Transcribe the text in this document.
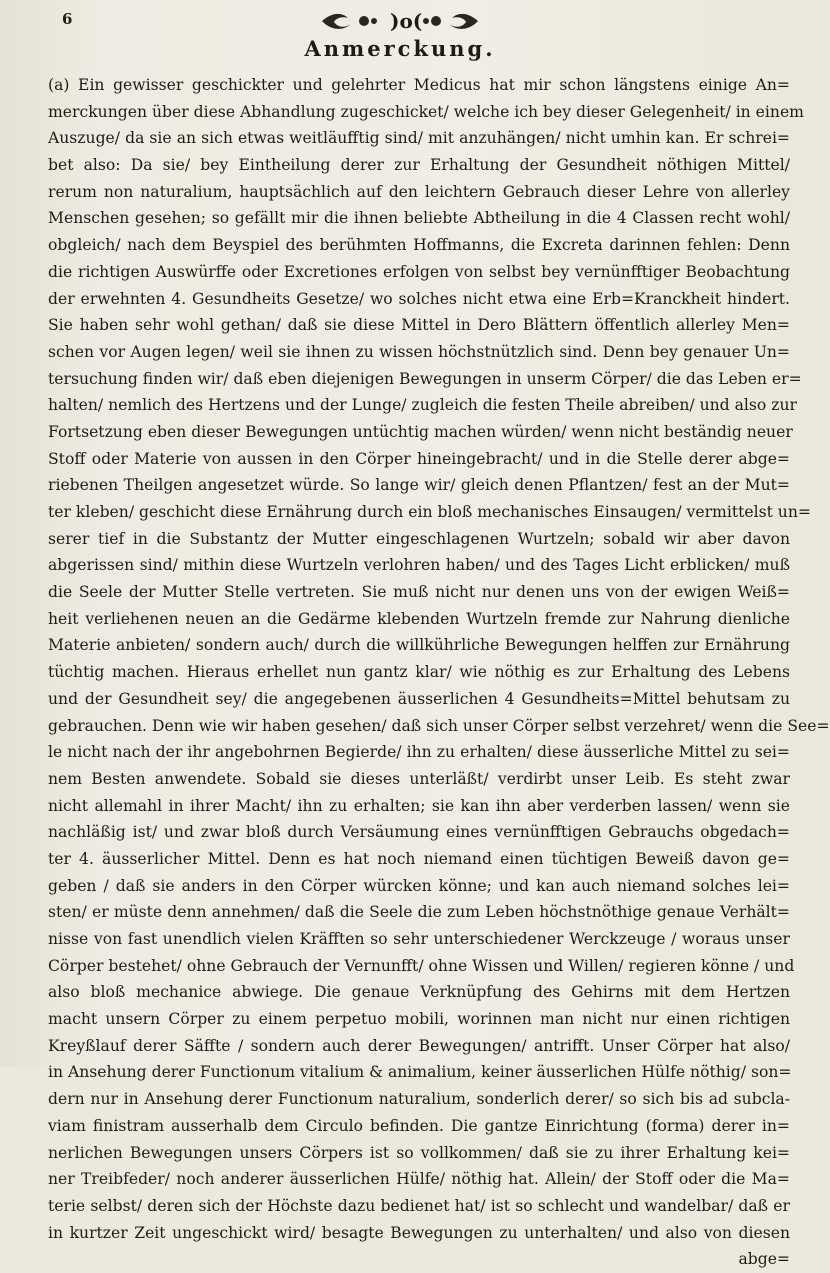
6	)o(
Anmerckung.
(a) Ein gewisser geschickter und gelehrter Medicus hat mir schon längstens einige An=
merckungen über diese Abhandlung zugeschicket/ welche ich bey dieser Gelegenheit/ in einem
Auszuge/ da sie an sich etwas weitläufftig sind/ mit anzuhängen/ nicht umhin kan. Er schrei=
bet also: Da sie/ bey Eintheilung derer zur Erhaltung der Gesundheit nöthigen Mittel/
rerum non naturalium, hauptsächlich auf den leichtern Gebrauch dieser Lehre von allerley
Menschen gesehen; so gefällt mir die ihnen beliebte Abtheilung in die 4 Classen recht wohl/
obgleich/ nach dem Beyspiel des berühmten Hoffmanns, die Excreta darinnen fehlen: Denn
die richtigen Auswürffe oder Excretiones erfolgen von selbst bey vernünfftiger Beobachtung
der erwehnten 4. Gesundheits Gesetze/ wo solches nicht etwa eine Erb=Kranckheit hindert.
Sie haben sehr wohl gethan/ daß sie diese Mittel in Dero Blättern öffentlich allerley Men=
schen vor Augen legen/ weil sie ihnen zu wissen höchstnützlich sind. Denn bey genauer Un=
tersuchung finden wir/ daß eben diejenigen Bewegungen in unserm Cörper/ die das Leben er=
halten/ nemlich des Hertzens und der Lunge/ zugleich die festen Theile abreiben/ und also zur
Fortsetzung eben dieser Bewegungen untüchtig machen würden/ wenn nicht beständig neuer
Stoff oder Materie von aussen in den Cörper hineingebracht/ und in die Stelle derer abge=
riebenen Theilgen angesetzet würde. So lange wir/ gleich denen Pflantzen/ fest an der Mut=
ter kleben/ geschicht diese Ernährung durch ein bloß mechanisches Einsaugen/ vermittelst un=
serer tief in die Substantz der Mutter eingeschlagenen Wurtzeln; sobald wir aber davon
abgerissen sind/ mithin diese Wurtzeln verlohren haben/ und des Tages Licht erblicken/ muß
die Seele der Mutter Stelle vertreten. Sie muß nicht nur denen uns von der ewigen Weiß=
heit verliehenen neuen an die Gedärme klebenden Wurtzeln fremde zur Nahrung dienliche
Materie anbieten/ sondern auch/ durch die willkührliche Bewegungen helffen zur Ernährung
tüchtig machen. Hieraus erhellet nun gantz klar/ wie nöthig es zur Erhaltung des Lebens
und der Gesundheit sey/ die angegebenen äusserlichen 4 Gesundheits=Mittel behutsam zu
gebrauchen. Denn wie wir haben gesehen/ daß sich unser Cörper selbst verzehret/ wenn die See=
le nicht nach der ihr angebohrnen Begierde/ ihn zu erhalten/ diese äusserliche Mittel zu sei=
nem Besten anwendete. Sobald sie dieses unterläßt/ verdirbt unser Leib. Es steht zwar
nicht allemahl in ihrer Macht/ ihn zu erhalten; sie kan ihn aber verderben lassen/ wenn sie
nachläßig ist/ und zwar bloß durch Versäumung eines vernünfftigen Gebrauchs obgedach=
ter 4. äusserlicher Mittel. Denn es hat noch niemand einen tüchtigen Beweiß davon ge=
geben / daß sie anders in den Cörper würcken könne; und kan auch niemand solches lei=
sten/ er müste denn annehmen/ daß die Seele die zum Leben höchstnöthige genaue Verhält=
nisse von fast unendlich vielen Kräfften so sehr unterschiedener Werckzeuge / woraus unser
Cörper bestehet/ ohne Gebrauch der Vernunfft/ ohne Wissen und Willen/ regieren könne / und
also bloß mechanice abwiege. Die genaue Verknüpfung des Gehirns mit dem Hertzen
macht unsern Cörper zu einem perpetuo mobili, worinnen man nicht nur einen richtigen
Kreyßlauf derer Säffte / sondern auch derer Bewegungen/ antrifft. Unser Cörper hat also/
in Ansehung derer Functionum vitalium & animalium, keiner äusserlichen Hülfe nöthig/ son=
dern nur in Ansehung derer Functionum naturalium, sonderlich derer/ so sich bis ad subcla-
viam finistram ausserhalb dem Circulo befinden. Die gantze Einrichtung (forma) derer in=
nerlichen Bewegungen unsers Cörpers ist so vollkommen/ daß sie zu ihrer Erhaltung kei=
ner Treibfeder/ noch anderer äusserlichen Hülfe/ nöthig hat. Allein/ der Stoff oder die Ma=
terie selbst/ deren sich der Höchste dazu bedienet hat/ ist so schlecht und wandelbar/ daß er
in kurtzer Zeit ungeschickt wird/ besagte Bewegungen zu unterhalten/ und also von diesen
abge=
